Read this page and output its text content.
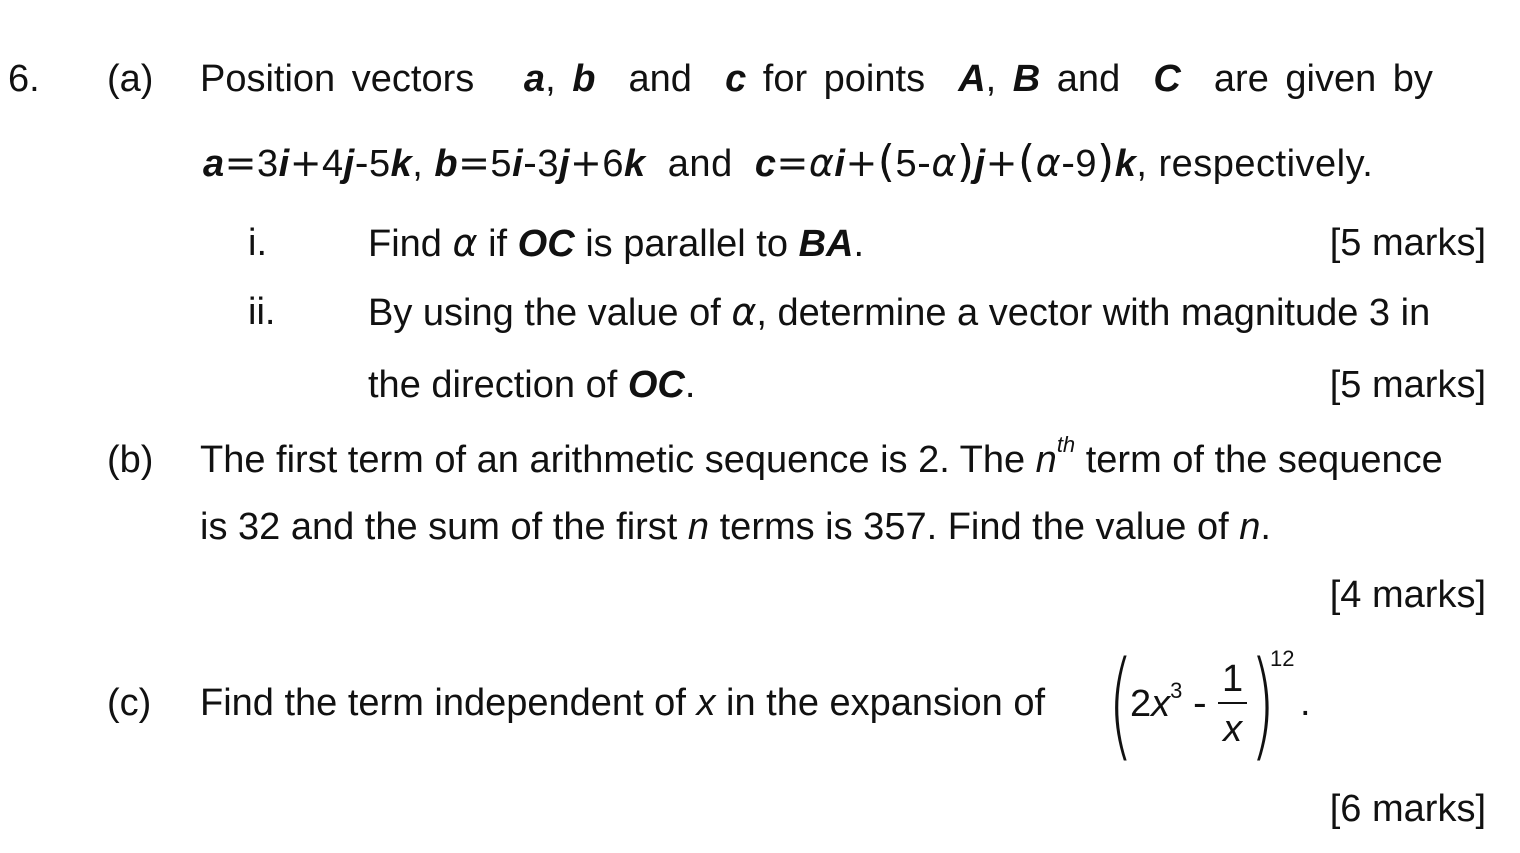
6. (a) Position vectors a, b and c for points A, B and C are given by
a=3i+4j-5k, b=5i-3j+6k and c=αi+(5-α)j+(α-9)k, respectively.
i.	Find α if OC is parallel to BA.	[5 marks]
ii. By using the value of α, determine a vector with magnitude 3 in
the direction of OC.	[5 marks]
(b) The first term of an arithmetic sequence is 2. The $n^{th}$ term of the sequence
is 32 and the sum of the first n terms is 357. Find the value of n.
[4 marks]
(c) Find the term independent of x in the expansion of (
$2x^3 - \frac{1}{x}$ )
12
.
[6 marks]
